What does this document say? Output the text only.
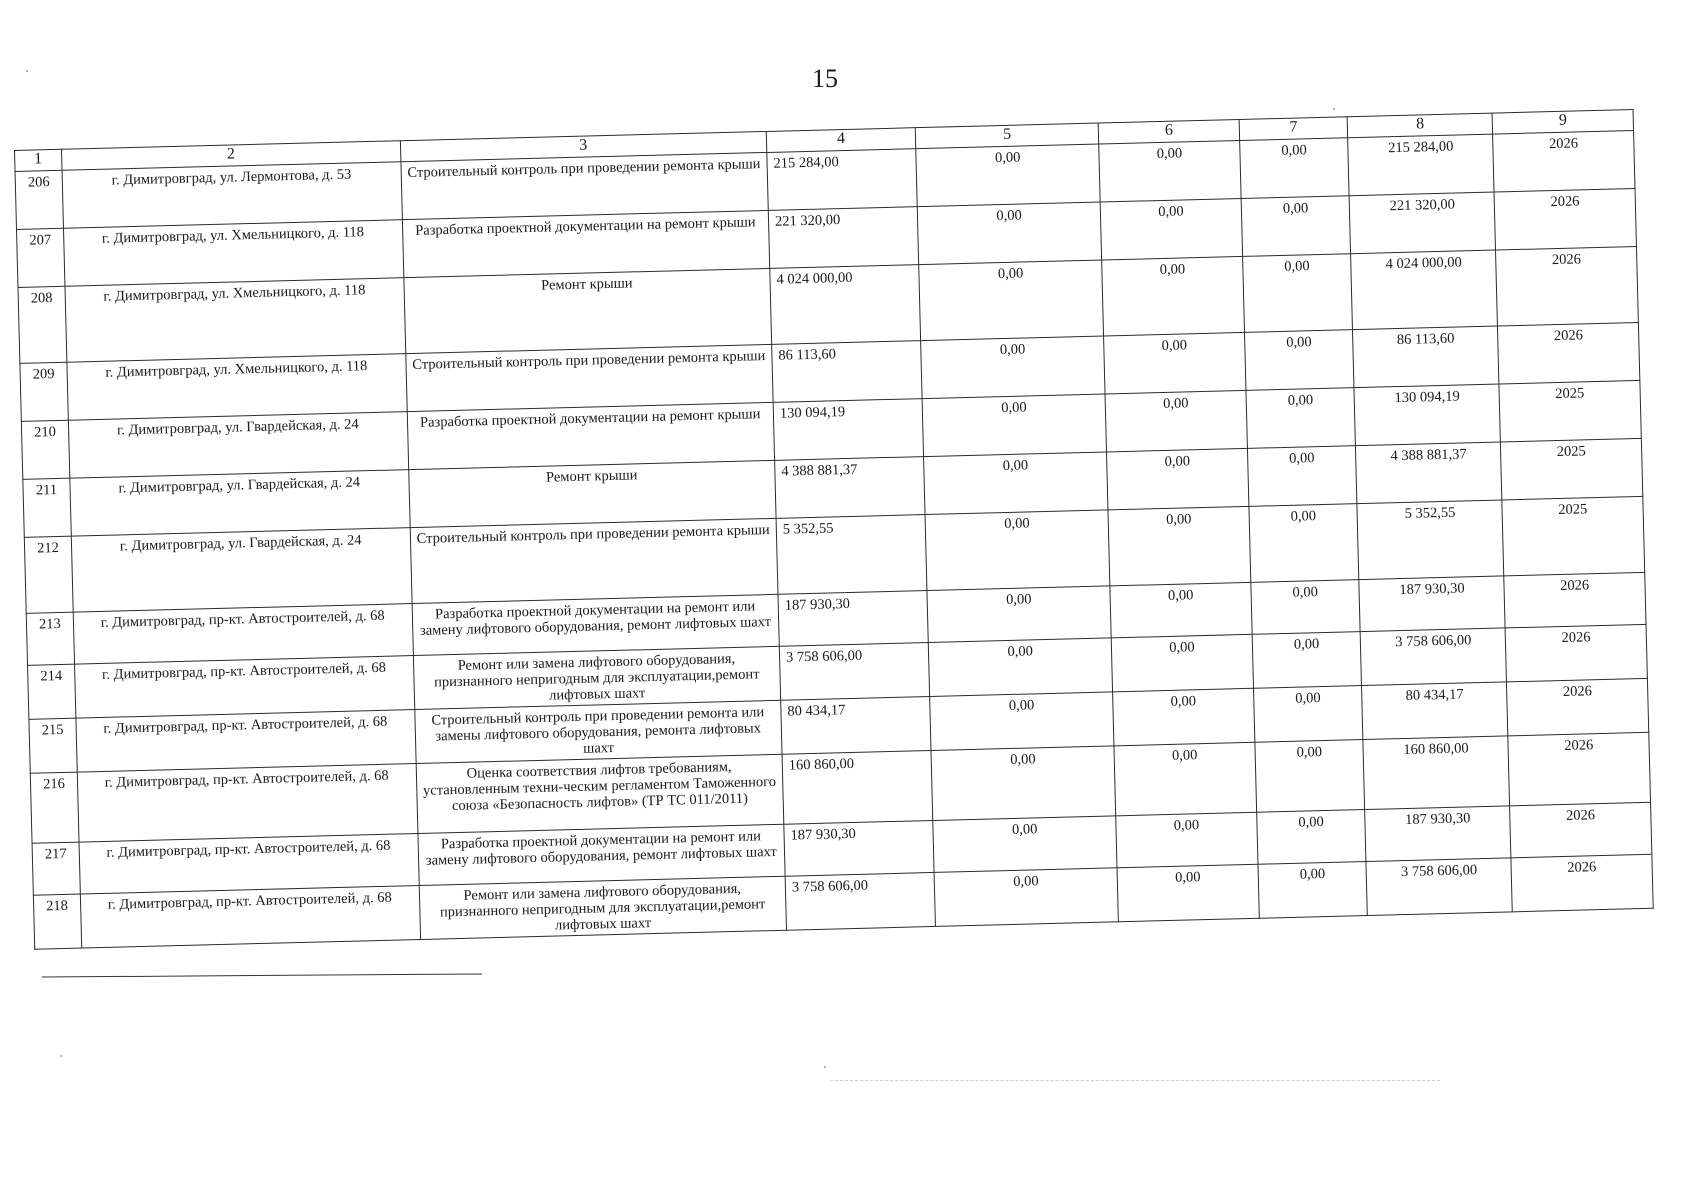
15
1	2	3	4	5	6	7	8	9
206	г. Димитровград, ул. Лермонтова, д. 53	Строительный контроль при проведении ремонта крыши	215 284,00	0,00	0,00	0,00	215 284,00	2026
207	г. Димитровград, ул. Хмельницкого, д. 118	Разработка проектной документации на ремонт крыши	221 320,00	0,00	0,00	0,00	221 320,00	2026
208	г. Димитровград, ул. Хмельницкого, д. 118	Ремонт крыши	4 024 000,00	0,00	0,00	0,00	4 024 000,00	2026
209	г. Димитровград, ул. Хмельницкого, д. 118	Строительный контроль при проведении ремонта крыши	86 113,60	0,00	0,00	0,00	86 113,60	2026
210	г. Димитровград, ул. Гвардейская, д. 24	Разработка проектной документации на ремонт крыши	130 094,19	0,00	0,00	0,00	130 094,19	2025
211	г. Димитровград, ул. Гвардейская, д. 24	Ремонт крыши	4 388 881,37	0,00	0,00	0,00	4 388 881,37	2025
212	г. Димитровград, ул. Гвардейская, д. 24	Строительный контроль при проведении ремонта крыши	5 352,55	0,00	0,00	0,00	5 352,55	2025
213	г. Димитровград, пр-кт. Автостроителей, д. 68	Разработка проектной документации на ремонт или замену лифтового оборудования, ремонт лифтовых шахт	187 930,30	0,00	0,00	0,00	187 930,30	2026
214	г. Димитровград, пр-кт. Автостроителей, д. 68	Ремонт или замена лифтового оборудования, признанного непригодным для эксплуатации,ремонт лифтовых шахт	3 758 606,00	0,00	0,00	0,00	3 758 606,00	2026
215	г. Димитровград, пр-кт. Автостроителей, д. 68	Строительный контроль при проведении ремонта или замены лифтового оборудования, ремонта лифтовых шахт	80 434,17	0,00	0,00	0,00	80 434,17	2026
216	г. Димитровград, пр-кт. Автостроителей, д. 68	Оценка соответствия лифтов требованиям, установленным техни-ческим регламентом Таможенного союза «Безопасность лифтов» (ТР ТС 011/2011)	160 860,00	0,00	0,00	0,00	160 860,00	2026
217	г. Димитровград, пр-кт. Автостроителей, д. 68	Разработка проектной документации на ремонт или замену лифтового оборудования, ремонт лифтовых шахт	187 930,30	0,00	0,00	0,00	187 930,30	2026
218	г. Димитровград, пр-кт. Автостроителей, д. 68	Ремонт или замена лифтового оборудования, признанного непригодным для эксплуатации,ремонт лифтовых шахт	3 758 606,00	0,00	0,00	0,00	3 758 606,00	2026
